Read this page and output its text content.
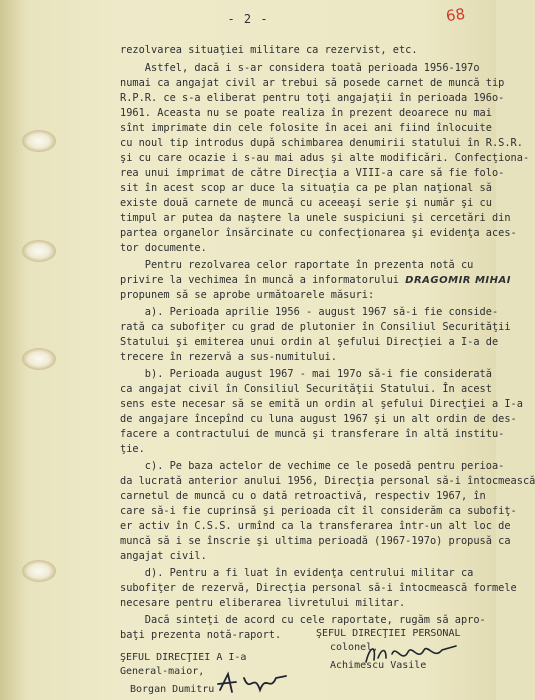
- 2 -	68
rezolvarea situaţiei militare ca rezervist, etc.
Astfel, dacă i s-ar considera toată perioada 1956-197o
numai ca angajat civil ar trebui să posede carnet de muncă tip
R.P.R. ce s-a eliberat pentru toţi angajaţii în perioada 196o-
1961. Aceasta nu se poate realiza în prezent deoarece nu mai
sînt imprimate din cele folosite în acei ani fiind înlocuite
cu noul tip introdus după schimbarea denumirii statului în R.S.R.
şi cu care ocazie i s-au mai adus şi alte modificări. Confecţiona-
rea unui imprimat de către Direcţia a VIII-a care să fie folo-
sit în acest scop ar duce la situaţia ca pe plan naţional să
existe două carnete de muncă cu aceeaşi serie şi număr şi cu
timpul ar putea da naştere la unele suspiciuni şi cercetări din
partea organelor însărcinate cu confecţionarea şi evidenţa aces-
tor documente.
Pentru rezolvarea celor raportate în prezenta notă cu
privire la vechimea în muncă a informatorului DRAGOMIR MIHAI
propunem să se aprobe următoarele măsuri:
a). Perioada aprilie 1956 - august 1967 să-i fie conside-
rată ca subofiţer cu grad de plutonier în Consiliul Securităţii
Statului şi emiterea unui ordin al şefului Direcţiei a I-a de
trecere în rezervă a sus-numitului.
b). Perioada august 1967 - mai 197o să-i fie considerată
ca angajat civil în Consiliul Securităţii Statului. În acest
sens este necesar să se emită un ordin al şefului Direcţiei a I-a
de angajare începînd cu luna august 1967 şi un alt ordin de des-
facere a contractului de muncă şi transferare în altă institu-
ţie.
c). Pe baza actelor de vechime ce le posedă pentru perioa-
da lucrată anterior anului 1956, Direcţia personal să-i întocmească
carnetul de muncă cu o dată retroactivă, respectiv 1967, în
care să-i fie cuprinsă şi perioada cît îl considerăm ca subofiţ-
er activ în C.S.S. urmînd ca la transferarea într-un alt loc de
muncă să i se înscrie şi ultima perioadă (1967-197o) propusă ca
angajat civil.
d). Pentru a fi luat în evidenţa centrului militar ca
subofiţer de rezervă, Direcţia personal să-i întocmească formele
necesare pentru eliberarea livretului militar.
Dacă sinteţi de acord cu cele raportate, rugăm să apro-
baţi prezenta notă-raport.
ŞEFUL DIRECŢIEI A I-a
General-maior,
Borgan Dumitru
ŞEFUL DIRECŢIEI PERSONAL
colonel,
Achimescu Vasile
